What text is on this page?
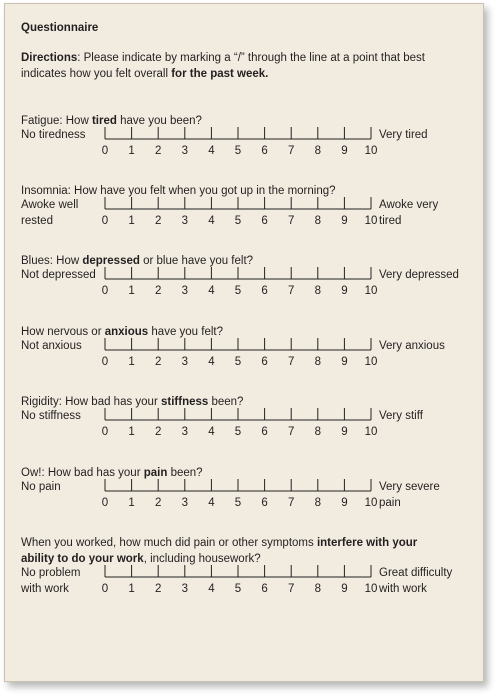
Questionnaire
Directions: Please indicate by marking a “/” through the line at a point that best indicates how you felt overall for the past week.
Fatigue: How tired have you been?
No tiredness	Very tired
0 1 2 3 4 5 6 7 8 9 10
Insomnia: How have you felt when you got up in the morning?
Awoke well
rested
Awoke very
tired
0 1 2 3 4 5 6 7 8 9 10
Blues: How depressed or blue have you felt?
Not depressed	Very depressed
0 1 2 3 4 5 6 7 8 9 10
How nervous or anxious have you felt?
Not anxious	Very anxious
0 1 2 3 4 5 6 7 8 9 10
Rigidity: How bad has your stiffness been?
No stiffness	Very stiff
0 1 2 3 4 5 6 7 8 9 10
Ow!: How bad has your pain been?
No pain	Very severe
pain
0 1 2 3 4 5 6 7 8 9 10
When you worked, how much did pain or other symptoms interfere with your
ability to do your work, including housework?
No problem
with work
Great difficulty
with work
0 1 2 3 4 5 6 7 8 9 10
